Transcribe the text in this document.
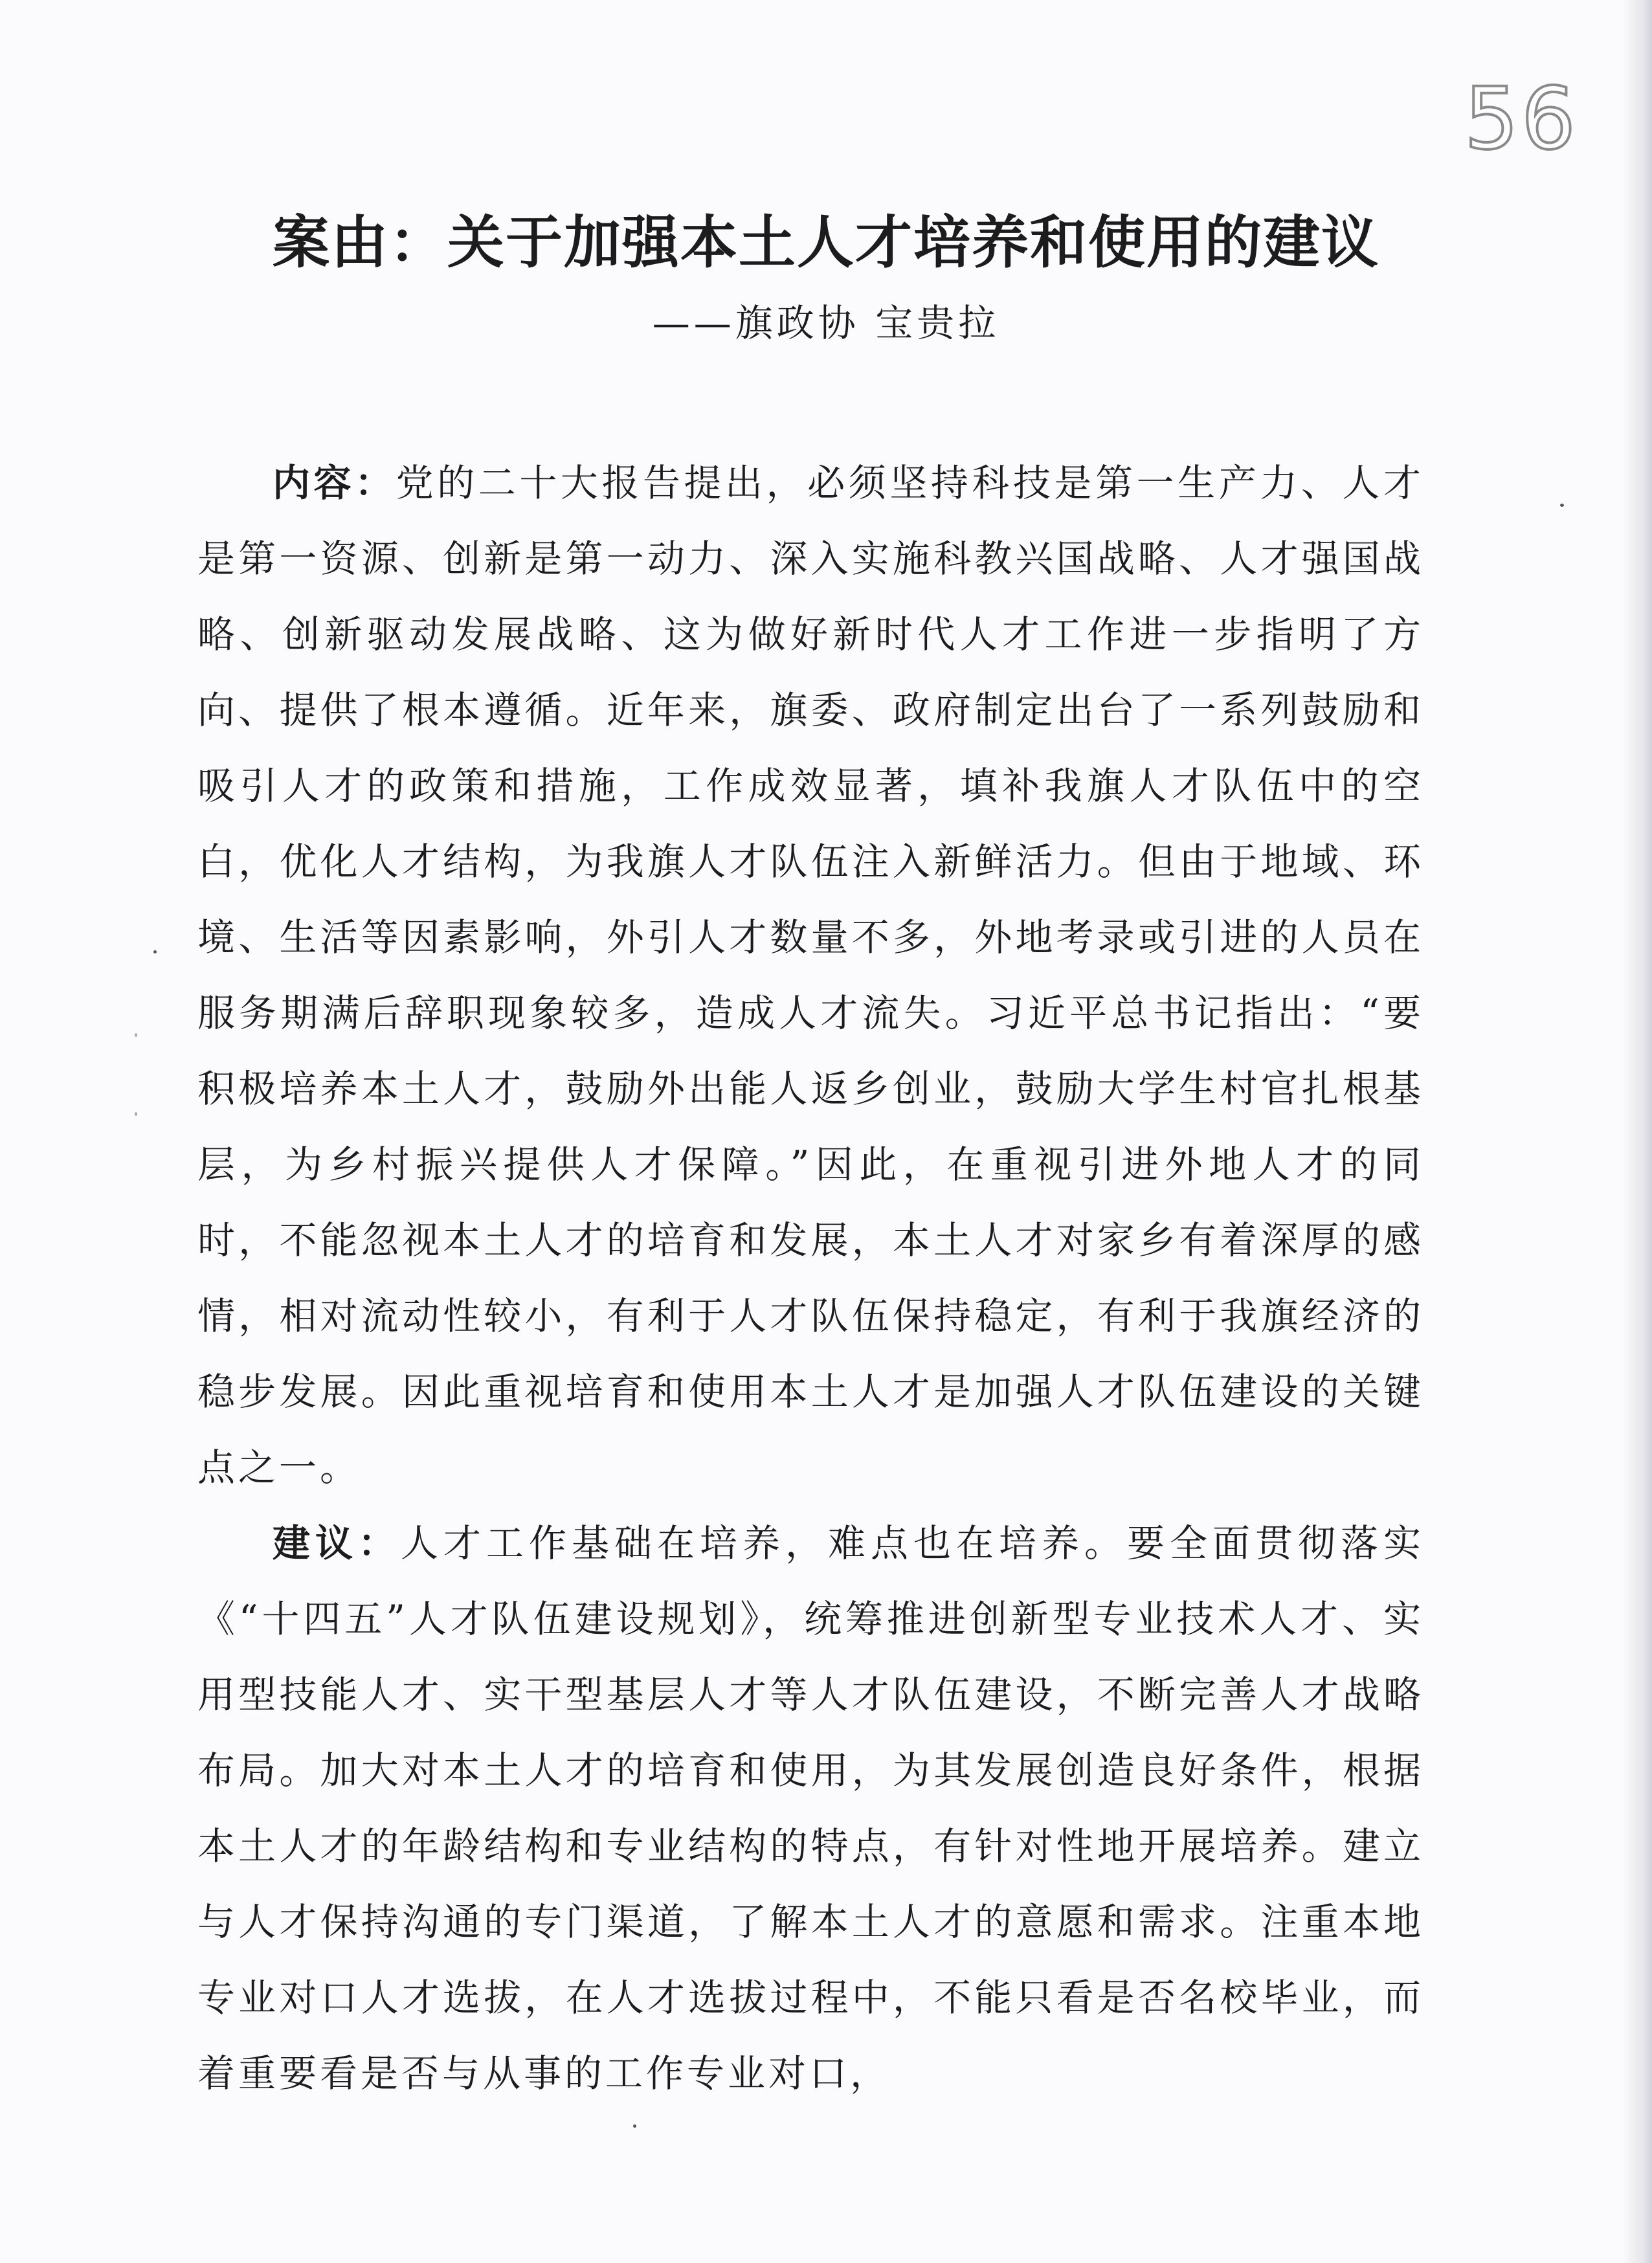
56
案由：关于加强本土人才培养和使用的建议
——旗政协 宝贵拉

内容：党的二十大报告提出，必须坚持科技是第一生产力、人才是第一资源、创新是第一动力、深入实施科教兴国战略、人才强国战略、创新驱动发展战略、这为做好新时代人才工作进一步指明了方向、提供了根本遵循。近年来，旗委、政府制定出台了一系列鼓励和吸引人才的政策和措施，工作成效显著，填补我旗人才队伍中的空白，优化人才结构，为我旗人才队伍注入新鲜活力。但由于地域、环境、生活等因素影响，外引人才数量不多，外地考录或引进的人员在服务期满后辞职现象较多，造成人才流失。习近平总书记指出：“要积极培养本土人才，鼓励外出能人返乡创业，鼓励大学生村官扎根基层，为乡村振兴提供人才保障。”因此，在重视引进外地人才的同时，不能忽视本土人才的培育和发展，本土人才对家乡有着深厚的感情，相对流动性较小，有利于人才队伍保持稳定，有利于我旗经济的稳步发展。因此重视培育和使用本土人才是加强人才队伍建设的关键点之一。

建议：人才工作基础在培养，难点也在培养。要全面贯彻落实《“十四五”人才队伍建设规划》，统筹推进创新型专业技术人才、实用型技能人才、实干型基层人才等人才队伍建设，不断完善人才战略布局。加大对本土人才的培育和使用，为其发展创造良好条件，根据本土人才的年龄结构和专业结构的特点，有针对性地开展培养。建立与人才保持沟通的专门渠道，了解本土人才的意愿和需求。注重本地专业对口人才选拔，在人才选拔过程中，不能只看是否名校毕业，而着重要看是否与从事的工作专业对口，
